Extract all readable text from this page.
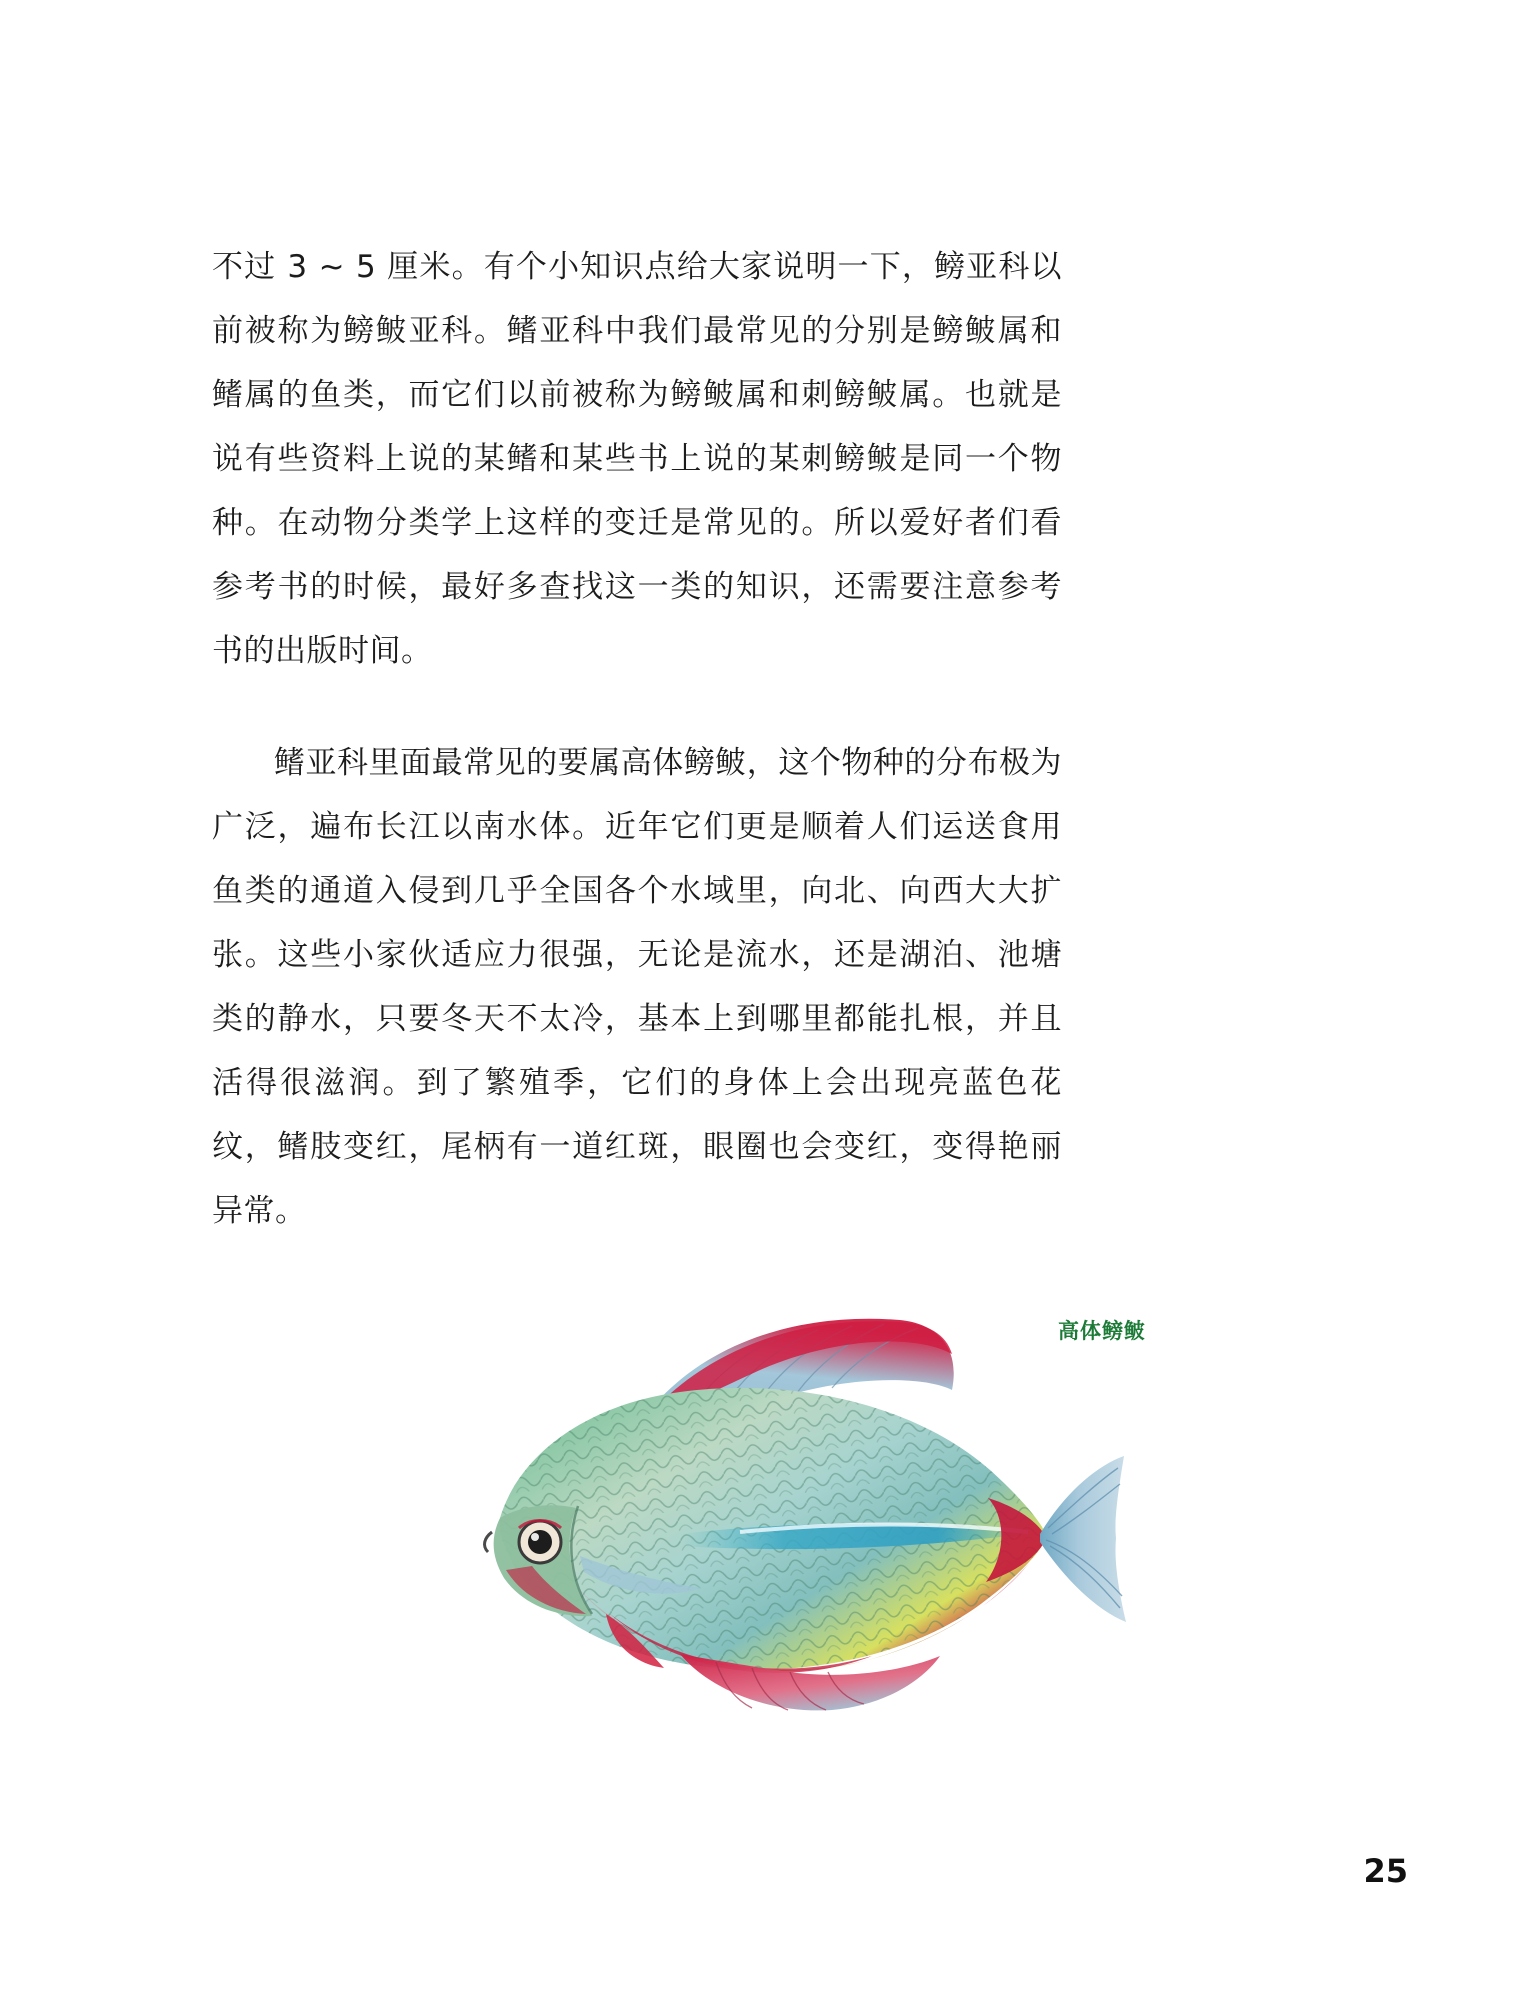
不过 3 ~ 5 厘米。有个小知识点给大家说明一下，鳑亚科以前被称为鳑鲏亚科。鳍亚科中我们最常见的分别是鳑鲏属和鳍属的鱼类，而它们以前被称为鳑鲏属和刺鳑鲏属。也就是说有些资料上说的某鳍和某些书上说的某刺鳑鲏是同一个物种。在动物分类学上这样的变迁是常见的。所以爱好者们看参考书的时候，最好多查找这一类的知识，还需要注意参考书的出版时间。

鳍亚科里面最常见的要属高体鳑鲏，这个物种的分布极为广泛，遍布长江以南水体。近年它们更是顺着人们运送食用鱼类的通道入侵到几乎全国各个水域里，向北、向西大大扩张。这些小家伙适应力很强，无论是流水，还是湖泊、池塘类的静水，只要冬天不太冷，基本上到哪里都能扎根，并且活得很滋润。到了繁殖季，它们的身体上会出现亮蓝色花纹，鳍肢变红，尾柄有一道红斑，眼圈也会变红，变得艳丽异常。

高体鳑鲏
25
